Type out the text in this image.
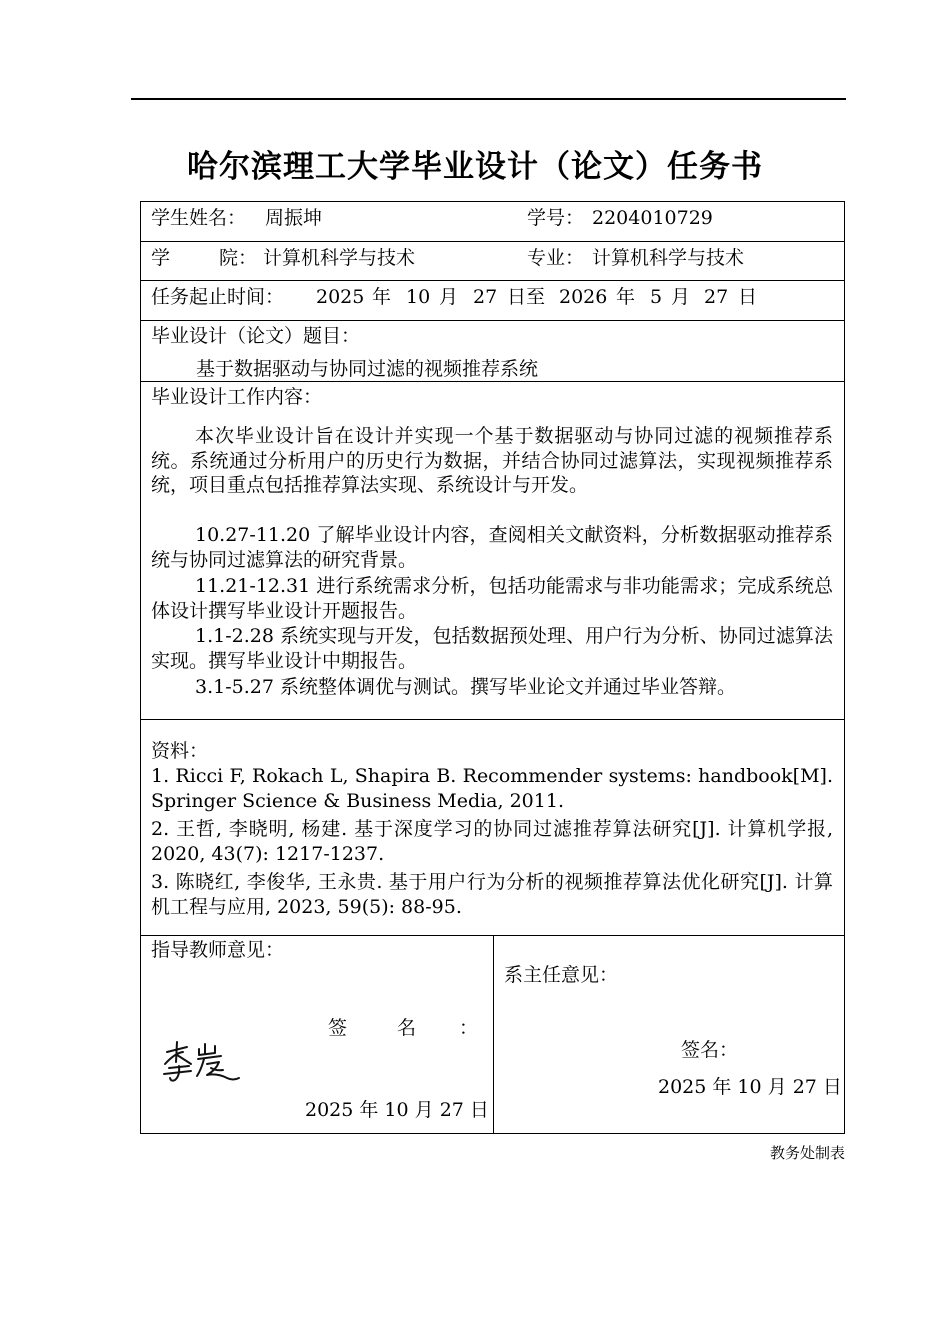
哈尔滨理工大学毕业设计（论文）任务书
学生姓名： 周振坤	学号： 2204010729
学	院： 计算机科学与技术	专业： 计算机科学与技术
任务起止时间： 2025 年 10 月 27 日至 2026 年 5 月 27 日
毕业设计（论文）题目：
基于数据驱动与协同过滤的视频推荐系统
毕业设计工作内容：
本次毕业设计旨在设计并实现一个基于数据驱动与协同过滤的视频推荐系统。系统通过分析用户的历史行为数据，并结合协同过滤算法，实现视频推荐系统，项目重点包括推荐算法实现、系统设计与开发。
10.27-11.20 了解毕业设计内容，查阅相关文献资料，分析数据驱动推荐系统与协同过滤算法的研究背景。
11.21-12.31 进行系统需求分析，包括功能需求与非功能需求；完成系统总体设计撰写毕业设计开题报告。
1.1-2.28 系统实现与开发，包括数据预处理、用户行为分析、协同过滤算法实现。撰写毕业设计中期报告。
3.1-5.27 系统整体调优与测试。撰写毕业论文并通过毕业答辩。
资料：
1. Ricci F, Rokach L, Shapira B. Recommender systems: handbook[M]. Springer Science & Business Media, 2011.
2. 王哲, 李晓明, 杨建. 基于深度学习的协同过滤推荐算法研究[J]. 计算机学报, 2020, 43(7): 1217-1237.
3. 陈晓红, 李俊华, 王永贵. 基于用户行为分析的视频推荐算法优化研究[J]. 计算机工程与应用, 2023, 59(5): 88-95.
指导教师意见：
签	名 ：
2025 年 10 月 27 日
系主任意见：
签名：
2025 年 10 月 27 日
教务处制表
